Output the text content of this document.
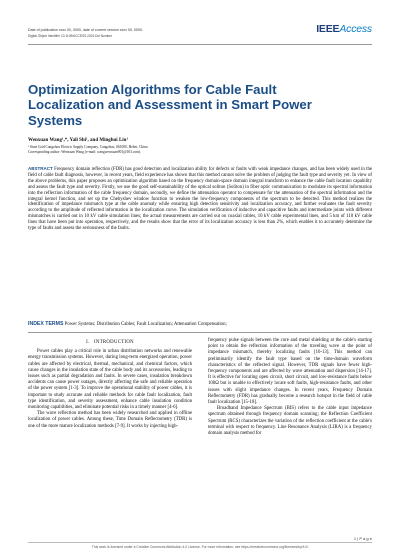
Date of publication xxxx 00, 0000, date of current version xxxx 00, 0000.
Digital Object Identifier 10.1109/ACCESS.2024.Doi Number
IEEEAccess
Optimization Algorithms for Cable Fault Localization and Assessment in Smart Power Systems
Wenxuan Wang¹,*, Yali Shi¹, and Minghui Liu¹
¹ State Grid Cangzhou Electric Supply Company, Cangzhou, 061000, Hebei, China
Corresponding author: Wenxuan Wang (e-mail: wangwenxuan901@163.com).
ABSTRACT Frequency domain reflection (FDR) has good detection and localization ability for defects or faults with weak impedance changes, and has been widely used in the field of cable fault diagnosis, however, in recent years, field experience has shown that this method cannot solve the problem of judging the fault type and severity yet. In view of the above problems, this paper proposes an optimization algorithm based on the frequency domain-space domain integral transform to enhance the cable fault location capability and assess the fault type and severity. Firstly, we use the good self-sustainability of the optical soliton (Soliton) in fiber optic communication to modulate its spectral information into the reflection information of the cable frequency domain, secondly, we define the attenuation operator to compensate for the attenuation of the spectral information and the integral kernel function, and set up the Chebyshev window function to weaken the low-frequency components of the spectrum to be detected. This method realizes the identification of impedance mismatch type at the cable anomaly while ensuring high detection sensitivity and localization accuracy, and further evaluates the fault severity according to the amplitude of reflected information in the localization curve. The simulation verification of inductive and capacitive faults and intermediate joints with different mismatches is carried out in 10 kV cable simulation lines; the actual measurements are carried out on coaxial cables, 10 kV cable experimental lines, and 5 km of 110 kV cable lines that have been put into operation, respectively, and the results show that the error of its localization accuracy is less than 2%, which enables it to accurately determine the type of faults and assess the seriousness of the faults.
INDEX TERMS Power Systems; Distribution Cables; Fault Localization; Attenuation Compensation;
I. INTRODUCTION

Power cables play a critical role in urban distribution networks and renewable energy transmission systems. However, during long-term energized operation, power cables are affected by electrical, thermal, mechanical, and chemical factors, which cause changes in the insulation state of the cable body and its accessories, leading to issues such as partial degradation and faults. In severe cases, insulation breakdown accidents can cause power outages, directly affecting the safe and reliable operation of the power system [1-3]. To improve the operational stability of power cables, it is important to study accurate and reliable methods for cable fault localization, fault type identification, and severity assessment, enhance cable insulation condition monitoring capabilities, and eliminate potential risks in a timely manner [4-6].

The wave reflection method has been widely researched and applied in offline localization of power cables. Among these, Time Domain Reflectometry (TDR) is one of the more mature localization methods [7-9]. It works by injecting high-

frequency pulse signals between the core and metal shielding at the cable's starting point to obtain the reflection information of the traveling wave at the point of impedance mismatch, thereby localizing faults [10-13]. This method can preliminarily identify the fault type based on the time-domain waveform characteristics of the reflected signal. However, TDR signals have fewer high-frequency components and are affected by wave attenuation and dispersion [14-17]. It is effective for locating open circuit, short circuit, and low-resistance faults below 100Ω but is unable to effectively locate soft faults, high-resistance faults, and other issues with slight impedance changes. In recent years, Frequency Domain Reflectometry (FDR) has gradually become a research hotspot in the field of cable fault localization [15-18].

Broadband Impedance Spectrum (BIS) refers to the cable input impedance spectrum obtained through frequency domain scanning; the Reflection Coefficient Spectrum (RCS) characterizes the variation of the reflection coefficient at the cable's terminal with respect to frequency. Line Resonance Analysis (LIRA) is a frequency domain analysis method for

1 | P a g e
This work is licensed under a Creative Commons Attribution 4.0 License. For more information, see https://creativecommons.org/licenses/by/4.0/
